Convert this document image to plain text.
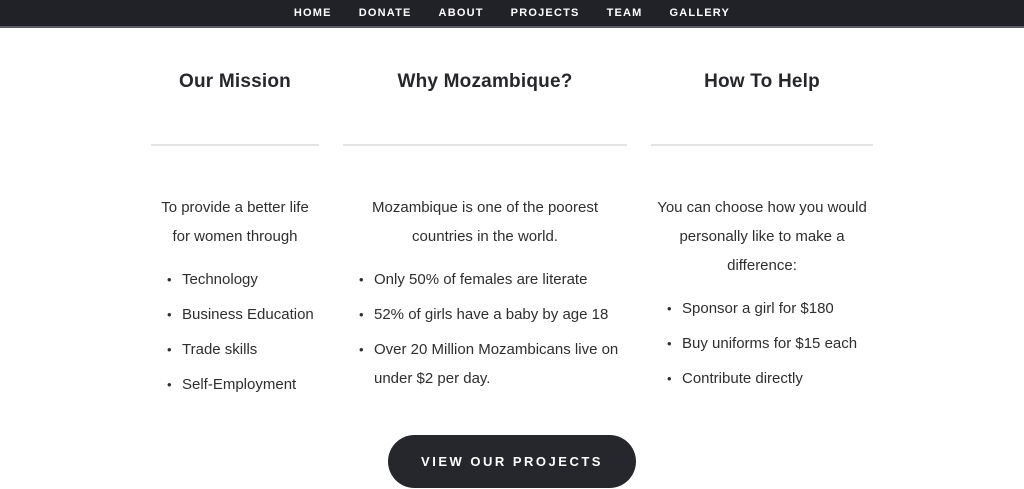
HOME DONATE ABOUT PROJECTS TEAM GALLERY
Our Mission

To provide a better life for women through

• Technology
• Business Education
• Trade skills
• Self-Employment
Why Mozambique?

Mozambique is one of the poorest countries in the world.

• Only 50% of females are literate
• 52% of girls have a baby by age 18
• Over 20 Million Mozambicans live on under $2 per day.
How To Help

You can choose how you would personally like to make a difference:

• Sponsor a girl for $180
• Buy uniforms for $15 each
• Contribute directly
VIEW OUR PROJECTS
